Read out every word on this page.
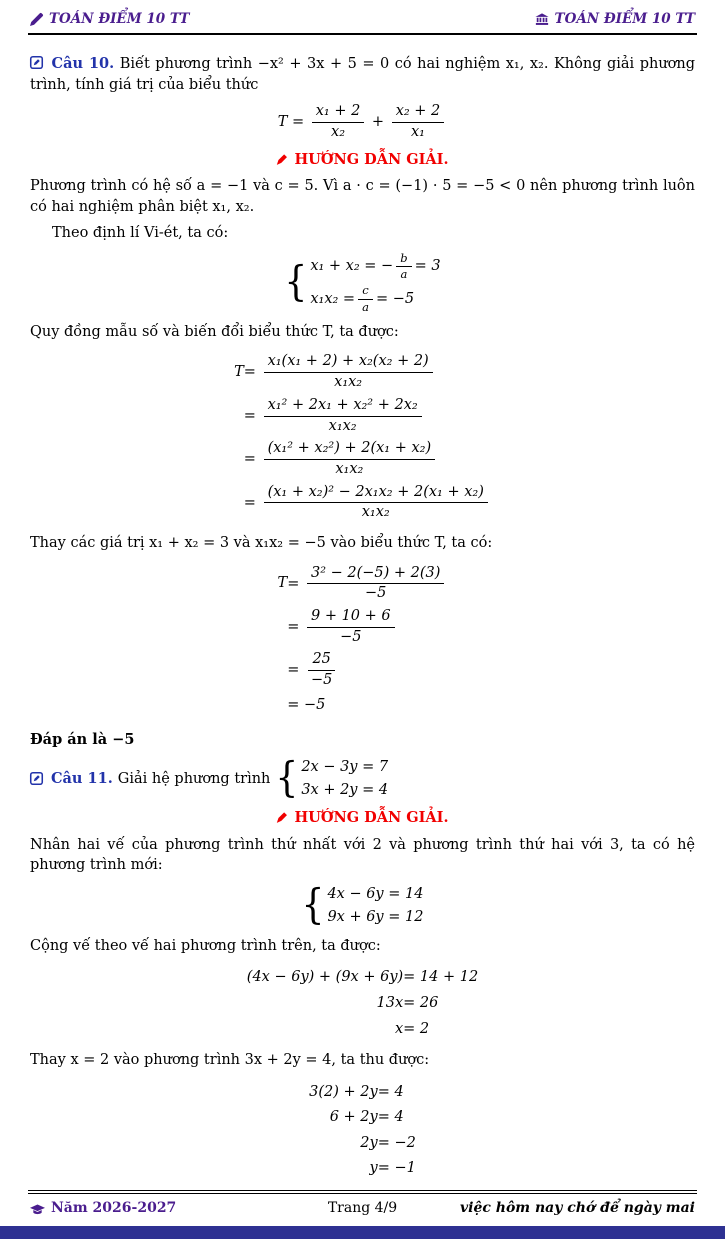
TOÁN ĐIỂM 10 TT	TOÁN ĐIỂM 10 TT

Câu 10. Biết phương trình −x² + 3x + 5 = 0 có hai nghiệm x₁, x₂. Không giải phương trình, tính giá trị của biểu thức

$T = \frac{\text{x₁ + 2}}{\text{x₂}} + \frac{\text{x₂ + 2}}{\text{x₁}}$
HƯỚNG DẪN GIẢI.

Phương trình có hệ số a = −1 và c = 5. Vì a · c = (−1) · 5 = −5 < 0 nên phương trình luôn có hai nghiệm phân biệt x₁, x₂.

Theo định lí Vi-ét, ta có:

{ x₁ + x₂ = − $\frac{b}{a} = 3$
$x_1x_2 = \frac{c}{a} = -5$

Quy đồng mẫu số và biến đổi biểu thức T, ta được:

T	= $\frac{\text{x₁(x₁ + 2) + x₂(x₂ + 2)}}{\text{x₁x₂}}$

	= $\frac{\text{x₁² + 2x₁ + x₂² + 2x₂}}{\text{x₁x₂}}$

	= $\frac{\text{(x₁² + x₂²) + 2(x₁ + x₂)}}{\text{x₁x₂}}$

	= $\frac{\text{(x₁ + x₂)² − 2x₁x₂ + 2(x₁ + x₂)}}{\text{x₁x₂}}$

Thay các giá trị x₁ + x₂ = 3 và x₁x₂ = −5 vào biểu thức T, ta có:

T	= $\frac{\text{3² − 2(−5) + 2(3)}}{-5}$

	= $\frac{9 + 10 + 6}{-5}$

	= $\frac{25}{-5}$

	= −5

Đáp án là −5

Câu 11. Giải hệ phương trình { 2x − 3y = 7
3x + 2y = 4
HƯỚNG DẪN GIẢI.

Nhân hai vế của phương trình thứ nhất với 2 và phương trình thứ hai với 3, ta có hệ phương trình mới:

{ 4x − 6y = 14
9x + 6y = 12

Cộng vế theo vế hai phương trình trên, ta được:

(4x − 6y) + (9x + 6y)	= 14 + 12
13x	= 26
x	= 2

Thay x = 2 vào phương trình 3x + 2y = 4, ta thu được:

3(2) + 2y	= 4
6 + 2y	= 4
2y	= −2
y	= −1
Năm 2026-2027	Trang 4/9	việc hôm nay chớ để ngày mai
